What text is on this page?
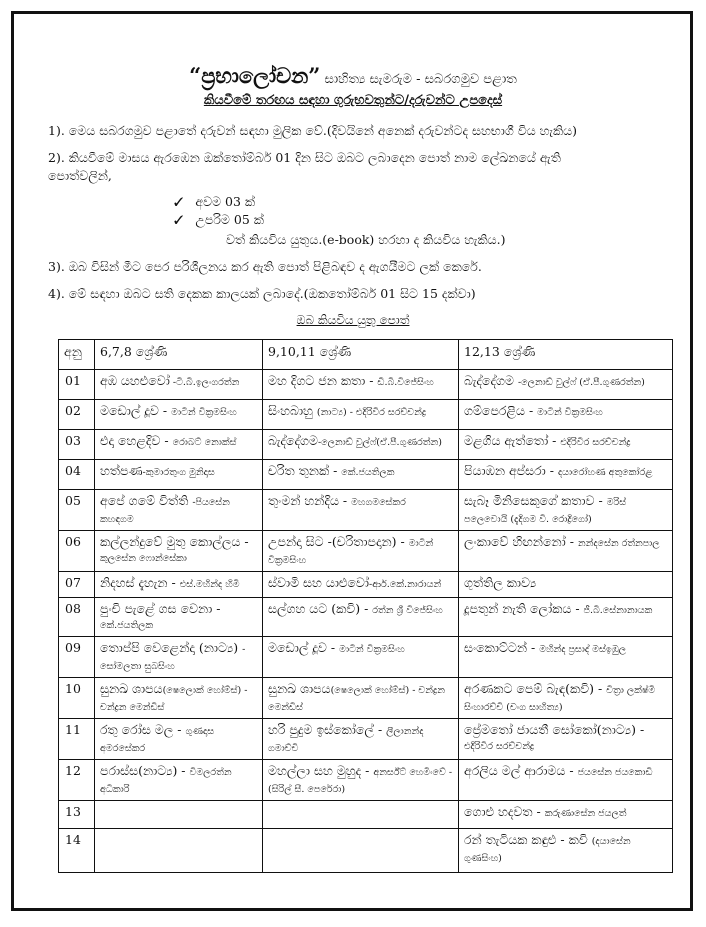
“ප්‍රභාලෝචන” සාහිත්‍ය සැමරුම - සබරගමුව පළාත
කියවීමේ තරඟය සඳහා ගුරුභවතුන්ට/දරුවන්ට උපදෙස්
1). මෙය සබරගමුව පළාතේ දරුවන් සඳහා මුලික වේ.(දිවයිනේ අනෙක් දරුවන්ටද සහභාගී විය හැකිය)
2). කියවීමේ මාසය ඇරඹෙන ඔක්තෝම්බර් 01 දින සිට ඔබට ලබාදෙන පොත් නාම ලේඛනයේ ඇති
පොත්වලින්,
✓ අවම 03 ක්
✓ උපරිම 05 ක්
වත් කියවිය යුතුය.(e-book) හරහා ද කියවිය හැකිය.)
3). ඔබ විසින් මීට පෙර පරිශීලනය කර ඇති පොත් පිළිබඳව ද ඇගයීමට ලක් කෙරේ.
4). මේ සඳහා ඔබට සති දෙකක කාලයක් ලබාදේ.(ඔකතෝම්බර් 01 සිට 15 දක්වා)
ඔබ කියවිය යුතු පොත්
අනු	6,7,8 ශ්‍රේණි	9,10,11 ශ්‍රේණි	12,13 ශ්‍රේණි
01	අඹ යහළුවෝ -ටී.බී.ඉලංගරත්න	මහ දිගට ජන කතා - ඩී.බී.විජේසිංහ	බැද්දේගම -ලෙනාඩ් වුල්ෆ් (ඒ.පී.ගුණරත්න)
02	මඩොල් දූව - මාටින් වික්‍රමසිංහ	සිංහබාහු (නාට්‍ය) - එදිරිවීර සරච්චන්ද්‍ර	ගම්පෙරළිය - මාටින් වික්‍රමසිංහ
03	එදා හෙළදිව - රොබට් නොක්ස්	බැද්දේගම-ලෙනාඩ් වුල්ෆ්(ඒ.පී.ගුණරත්න)	මළගිය ඇත්තෝ - එදිරිවීර සරච්චන්ද්‍ර
04	හත්පණ-කුමාරතුංග මුනිදාස	චරිත තුනක් - කේ.ජයතිලක	පියාඹන අප්සරා - දයාරෝහණ අතුකෝරළ
05	අපේ ගමේ විත්ති -පියසේන කහඳගම	තුංමන් හන්දිය - මහගමසේකර	සැබෑ මිනිසෙකුගේ කතාව - මරිස් පලෙවොයි (දැදිගම වී. රොද්‍රිගෝ)
06	කල්ලන්දුවේ මුතු කොල්ලය - කුලසේන ෆොන්සේකා	උපන්දා සිට -(චරිතාපදාන) - මාටින් වික්‍රමසිංහ	ලංකාවේ හිඟන්නෝ - නන්දසේන රත්නපාල
07	නිදහස් දැහැන - එස්.මහින්ද හිමි	ස්වාමි සහ යාළුවෝ-ආර්.කේ.නාරායන්	ගුත්තිල කාව්‍ය
08	පුංචි පැළේ ගස වෙනා - කේ.ජයතිලක	සල්ගහ යට (කවි) - රත්න ශ්‍රී විජේසිංහ	දූපතුන් නැති ලෝකය - ජී.බී.සේනානායක
09	තොප්පි වෙළෙන්දා (නාට්‍ය) - සෝමලතා සුබසිංහ	මඩොල් දූව - මාටින් වික්‍රමසිංහ	සංකොට්ටන් - මහින්ද ප්‍රසාද් මස්ඉඹුල
10	සුනඛ ශාපය(ෂෙලොක් හෝම්ස්) - චන්ද්‍රන මෙන්ඩිස්	සුනඛ ශාපය(ෂෙලොක් හෝම්ස්) - චන්ද්‍රන මෙන්ඩිස්	අරණකට පෙම් බැඳ(කවි) - චිත්‍රා ලක්ෂ්මී සිංහාරච්චි (චංග සාහිත්‍ය)
11	රතු රෝස මල - ගුණදාස අමරසේකර	හරි පුදුම ඉස්කෝලේ - ලීලානන්ද ගමාච්චි	ප්‍රේමතෝ ජායතී සෝකෝ(නාට්‍ය) - එදිරිවීර සරච්චන්ද්‍ර
12	පරාස්ස(නාට්‍ය) - විමලරත්න අධිකාරි	මහල්ලා සහ මුහුද - අනර්ස්ට් හෙමිංවේ - (සිරිල් සී. පෙරේරා)	අරලිය මල් ආරාමය - ජයසේන ජයකොඩි
13			ගොළු හදවත - කරුණාසේන ජයලත්
14			රන් තැටියක කඳුළු - කවි (දයාසේන ගුණසිංහ)
